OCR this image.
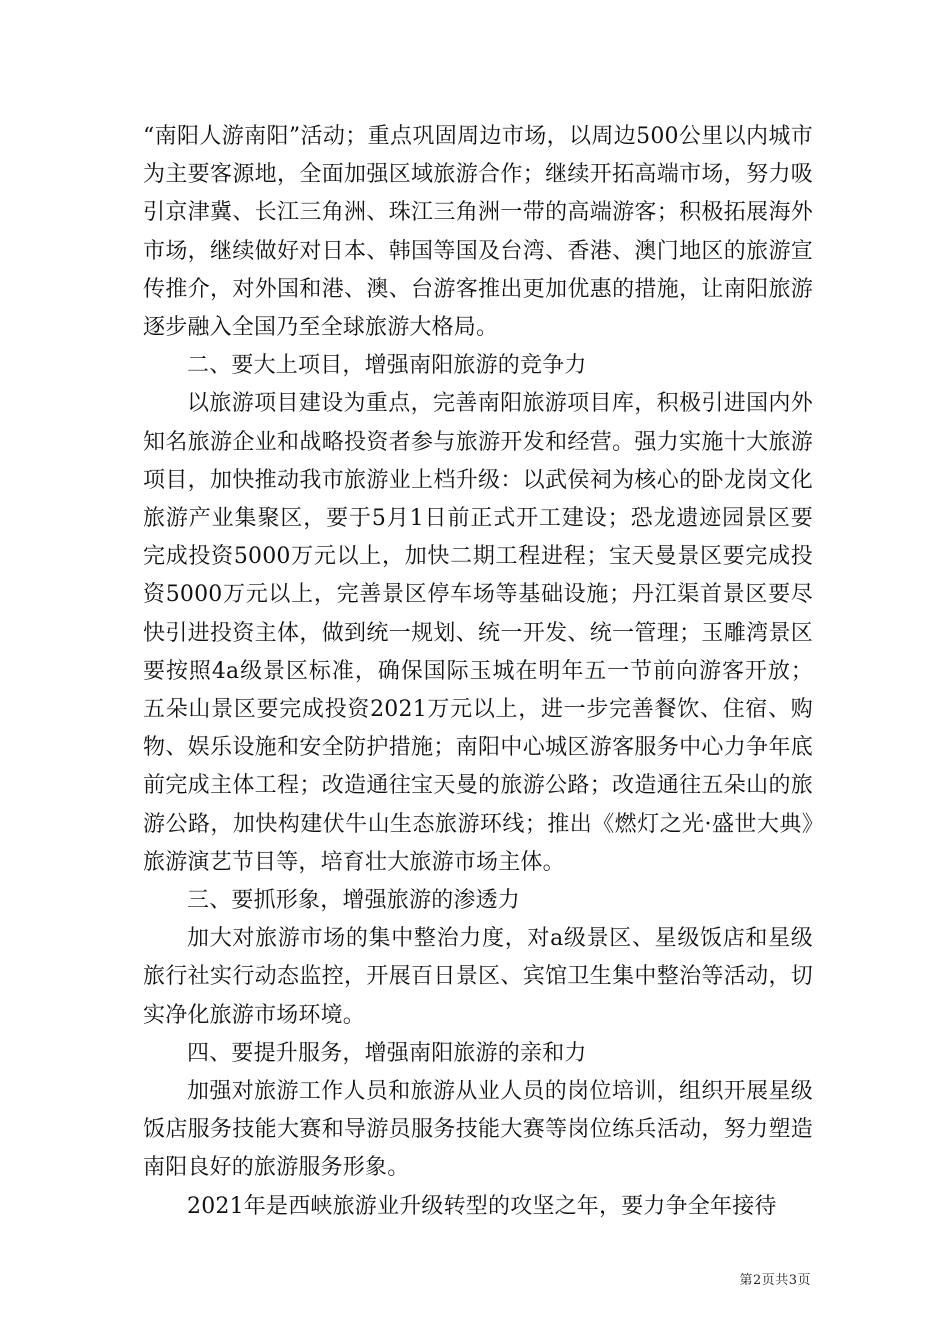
“南阳人游南阳”活动；重点巩固周边市场，以周边500公里以内城市为主要客源地，全面加强区域旅游合作；继续开拓高端市场，努力吸引京津冀、长江三角洲、珠江三角洲一带的高端游客；积极拓展海外市场，继续做好对日本、韩国等国及台湾、香港、澳门地区的旅游宣传推介，对外国和港、澳、台游客推出更加优惠的措施，让南阳旅游逐步融入全国乃至全球旅游大格局。

二、要大上项目，增强南阳旅游的竞争力

以旅游项目建设为重点，完善南阳旅游项目库，积极引进国内外知名旅游企业和战略投资者参与旅游开发和经营。强力实施十大旅游项目，加快推动我市旅游业上档升级：以武侯祠为核心的卧龙岗文化旅游产业集聚区，要于5月1日前正式开工建设；恐龙遗迹园景区要完成投资5000万元以上，加快二期工程进程；宝天曼景区要完成投资5000万元以上，完善景区停车场等基础设施；丹江渠首景区要尽快引进投资主体，做到统一规划、统一开发、统一管理；玉雕湾景区要按照4a级景区标准，确保国际玉城在明年五一节前向游客开放；五朵山景区要完成投资2021万元以上，进一步完善餐饮、住宿、购物、娱乐设施和安全防护措施；南阳中心城区游客服务中心力争年底前完成主体工程；改造通往宝天曼的旅游公路；改造通往五朵山的旅游公路，加快构建伏牛山生态旅游环线；推出《燃灯之光·盛世大典》旅游演艺节目等，培育壮大旅游市场主体。

三、要抓形象，增强旅游的渗透力

加大对旅游市场的集中整治力度，对a级景区、星级饭店和星级旅行社实行动态监控，开展百日景区、宾馆卫生集中整治等活动，切实净化旅游市场环境。

四、要提升服务，增强南阳旅游的亲和力

加强对旅游工作人员和旅游从业人员的岗位培训，组织开展星级饭店服务技能大赛和导游员服务技能大赛等岗位练兵活动，努力塑造南阳良好的旅游服务形象。

2021年是西峡旅游业升级转型的攻坚之年，要力争全年接待

第2页共3页
